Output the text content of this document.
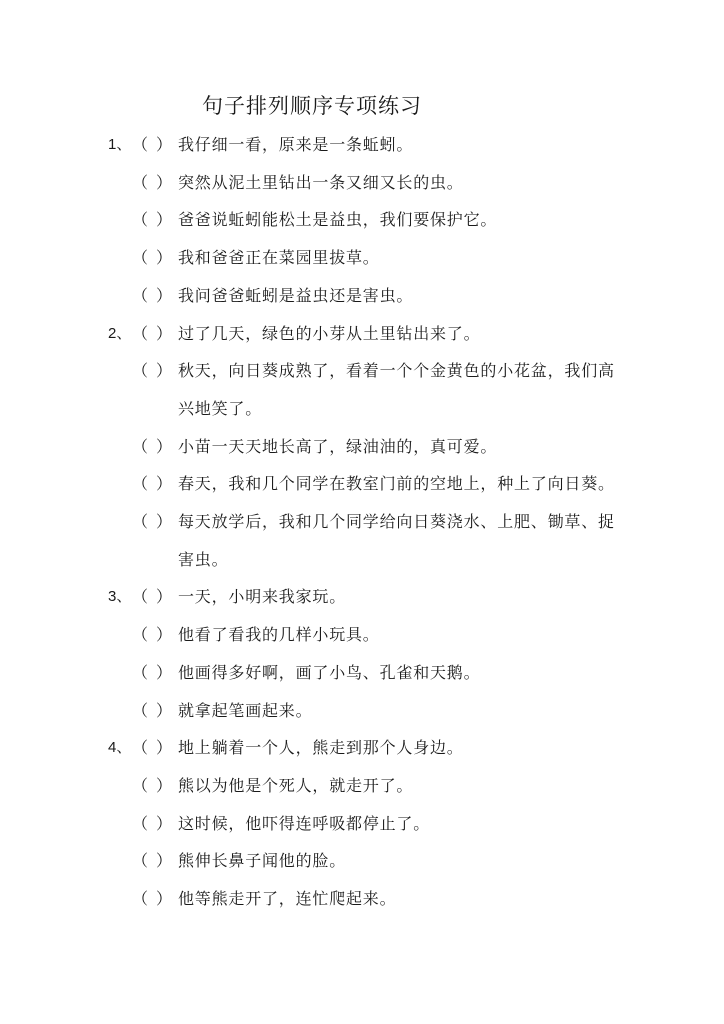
句子排列顺序专项练习
1、 （ ） 我仔细一看，原来是一条蚯蚓。
（ ） 突然从泥土里钻出一条又细又长的虫。
（ ） 爸爸说蚯蚓能松土是益虫，我们要保护它。
（ ） 我和爸爸正在菜园里拔草。
（ ） 我问爸爸蚯蚓是益虫还是害虫。
2、 （ ） 过了几天，绿色的小芽从土里钻出来了。
（ ） 秋天，向日葵成熟了，看着一个个金黄色的小花盆，我们高兴地笑了。
（ ） 小苗一天天地长高了，绿油油的，真可爱。
（ ） 春天，我和几个同学在教室门前的空地上，种上了向日葵。
（ ） 每天放学后，我和几个同学给向日葵浇水、上肥、锄草、捉害虫。
3、 （ ） 一天，小明来我家玩。
（ ） 他看了看我的几样小玩具。
（ ） 他画得多好啊，画了小鸟、孔雀和天鹅。
（ ） 就拿起笔画起来。
4、 （ ） 地上躺着一个人，熊走到那个人身边。
（ ） 熊以为他是个死人，就走开了。
（ ） 这时候，他吓得连呼吸都停止了。
（ ） 熊伸长鼻子闻他的脸。
（ ） 他等熊走开了，连忙爬起来。
